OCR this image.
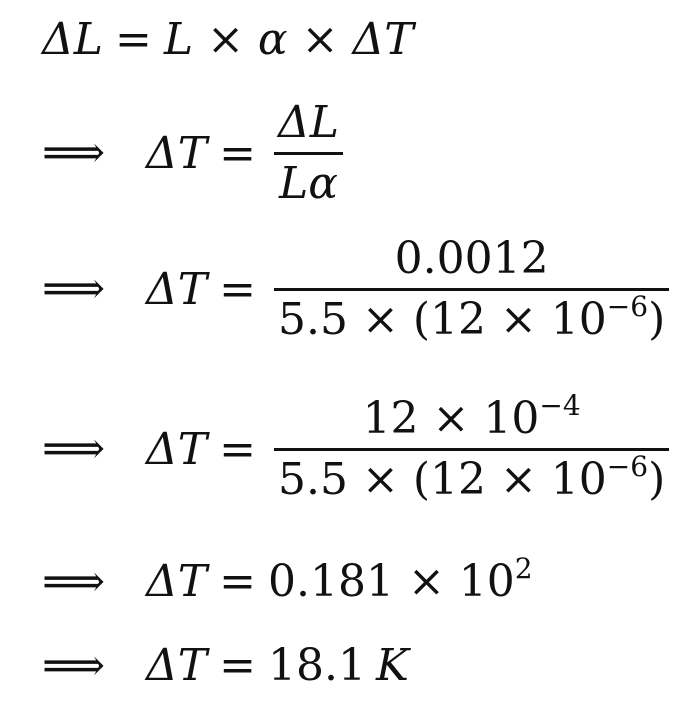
ΔL = L × α × ΔT
⟹ $\Delta T = \frac{\Delta L}{L\alpha}$
⟹ $\Delta T = \frac{0.0012}{5.5 \times (12 \times 10^{-6})}$
⟹ $\Delta T = \frac{12 \times 10^{-4}}{5.5 \times (12 \times 10^{-6})}$
⟹ $\Delta T = 0.181 \times 10^2$
⟹ ΔT = 18.1 K
